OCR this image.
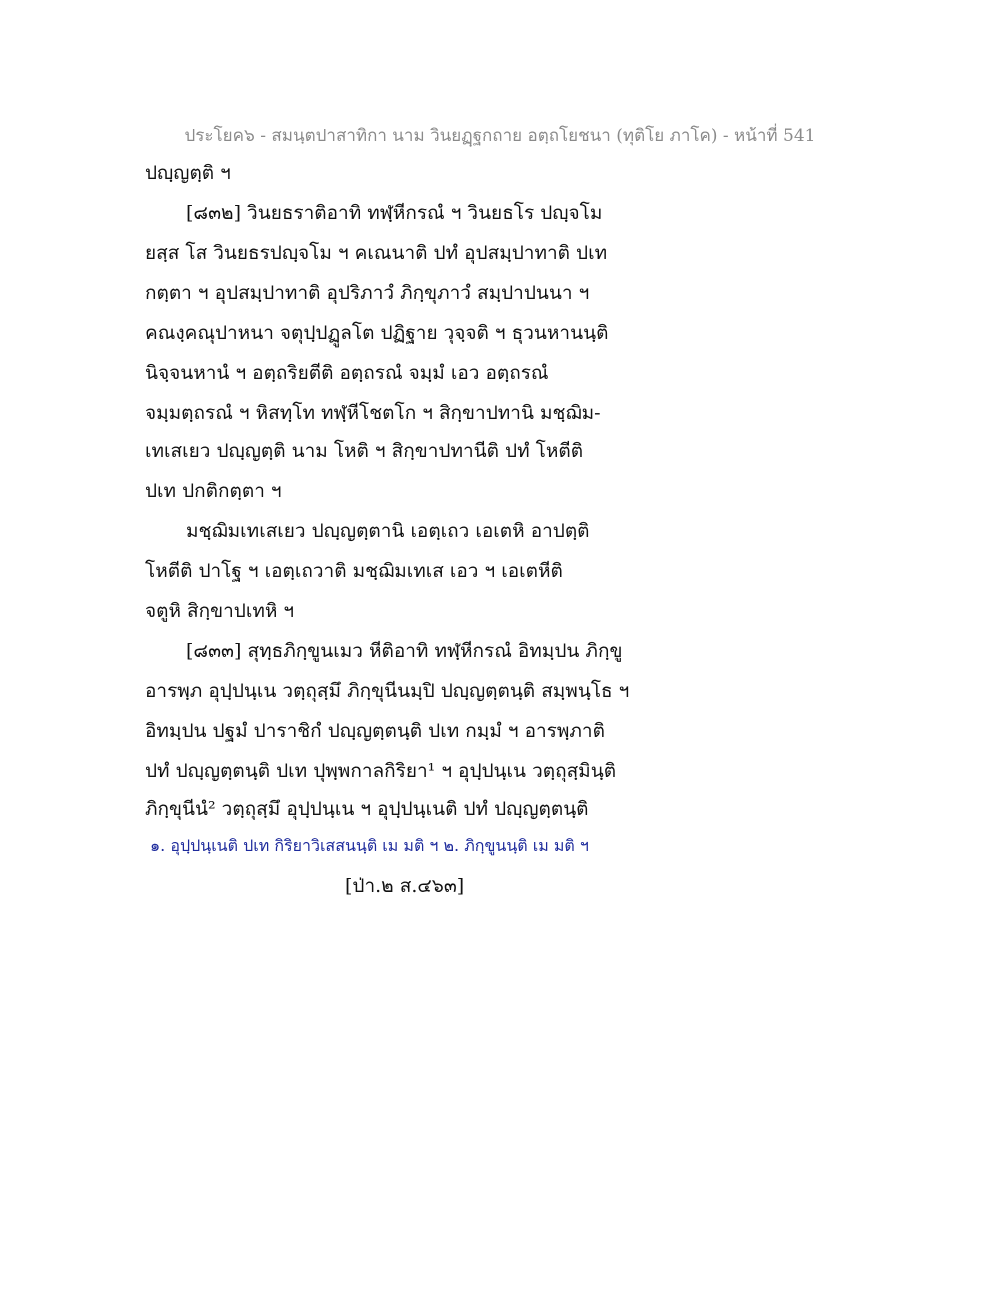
ประโยค๖ - สมนฺตปาสาทิกา นาม วินยฏฺฐกถาย อตฺถโยชนา (ทุติโย ภาโค) - หน้าที่ 541
ปญฺญตฺติ ฯ
[๘๓๒] วินยธราติอาทิ ทฬฺหีกรณํ ฯ วินยธโร ปญฺจโม
ยสฺส โส วินยธรปญฺจโม ฯ คเณนาติ ปทํ อุปสมฺปาทาติ ปเท
กตฺตา ฯ อุปสมฺปาทาติ อุปริภาวํ ภิกฺขุภาวํ สมฺปาปนนา ฯ
คณงฺคณุปาหนา จตุปฺปฏูลโต ปฏิฐาย วุจฺจติ ฯ ธุวนหานนฺติ
นิจฺจนหานํ ฯ อตฺถริยตีติ อตฺถรณํ จมฺมํ เอว อตฺถรณํ
จมฺมตฺถรณํ ฯ หิสทฺโท ทฬฺหีโชตโก ฯ สิกฺขาปทานิ มชฺฌิม-
เทเสเยว ปญฺญตฺติ นาม โหติ ฯ สิกฺขาปทานีติ ปทํ โหตีติ
ปเท ปกติกตฺตา ฯ
มชฺฌิมเทเสเยว ปญฺญตฺตานิ เอตฺเถว เอเตหิ อาปตฺติ
โหตีติ ปาโฐ ฯ เอตฺเถวาติ มชฺฌิมเทเส เอว ฯ เอเตหีติ
จตูหิ สิกฺขาปเทหิ ฯ
[๘๓๓] สุทฺธภิกฺขูนเมว หีติอาทิ ทฬฺหีกรณํ อิทมฺปน ภิกฺขู
อารพฺภ อุปฺปนฺเน วตฺถุสฺมึ ภิกฺขุนีนมฺปิ ปญฺญตฺตนฺติ สมฺพนฺโธ ฯ
อิทมฺปน ปฐมํ ปาราชิกํ ปญฺญตฺตนฺติ ปเท กมฺมํ ฯ อารพฺภาติ
ปทํ ปญฺญตฺตนฺติ ปเท ปุพฺพกาลกิริยา¹ ฯ อุปฺปนฺเน วตฺถุสฺมินฺติ
ภิกฺขุนีนํ² วตฺถุสฺมึ อุปฺปนฺเน ฯ อุปฺปนฺเนติ ปทํ ปญฺญตฺตนฺติ
๑. อุปฺปนฺเนติ ปเท กิริยาวิเสสนนฺติ เม มติ ฯ ๒. ภิกฺขูนนฺติ เม มติ ฯ
[ป่า.๒ ส.๔๖๓]
